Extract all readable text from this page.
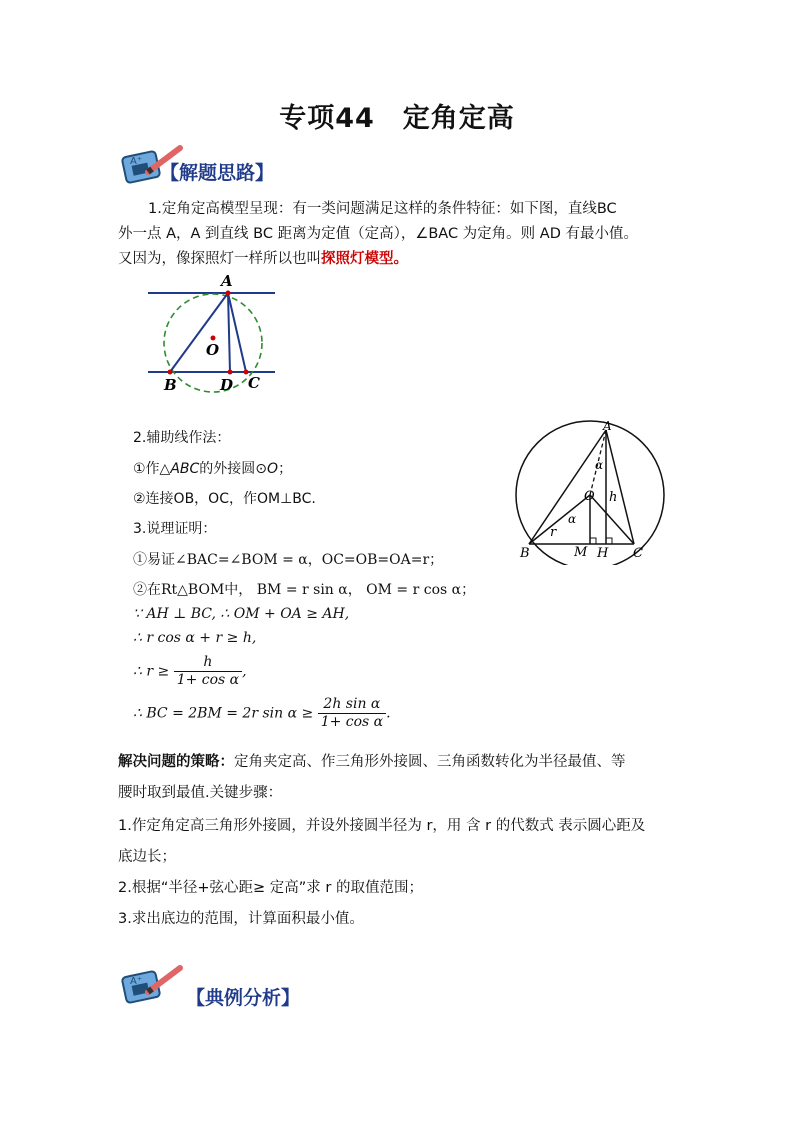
专项44　定角定高
A⁺
【解题思路】
1.定角定高模型呈现：有一类问题满足这样的条件特征：如下图，直线BC
外一点 A，A 到直线 BC 距离为定值（定高），∠BAC 为定角。则 AD 有最小值。
又因为，像探照灯一样所以也叫探照灯模型。
A
O
B	D C
A
α
O h
α
r
B	M H C
2.辅助线作法：
①作△ABC的外接圆⊙O；
②连接OB，OC，作OM⊥BC.
3.说理证明：
①易证∠BAC=∠BOM = α，OC=OB=OA=r；
②在Rt△BOM中， BM = r sin α， OM = r cos α；
∵ AH ⊥ BC, ∴ OM + OA ≥ AH,
∴ r cos α + r ≥ h,
∴ $r \ge \frac{h}{\text{1+ cos α}}$ ,
∴ BC = 2BM = 2r $\sin \alpha \ge \frac{\text{2h sin α}}{\text{1+ cos α}}$ .
解决问题的策略：定角夹定高、作三角形外接圆、三角函数转化为半径最值、等
腰时取到最值.关键步骤：
1.作定角定高三角形外接圆，并设外接圆半径为 r，用 含 r 的代数式 表示圆心距及
底边长；
2.根据“半径+弦心距≥ 定高”求 r 的取值范围；
3.求出底边的范围，计算面积最小值。
A⁺
【典例分析】
